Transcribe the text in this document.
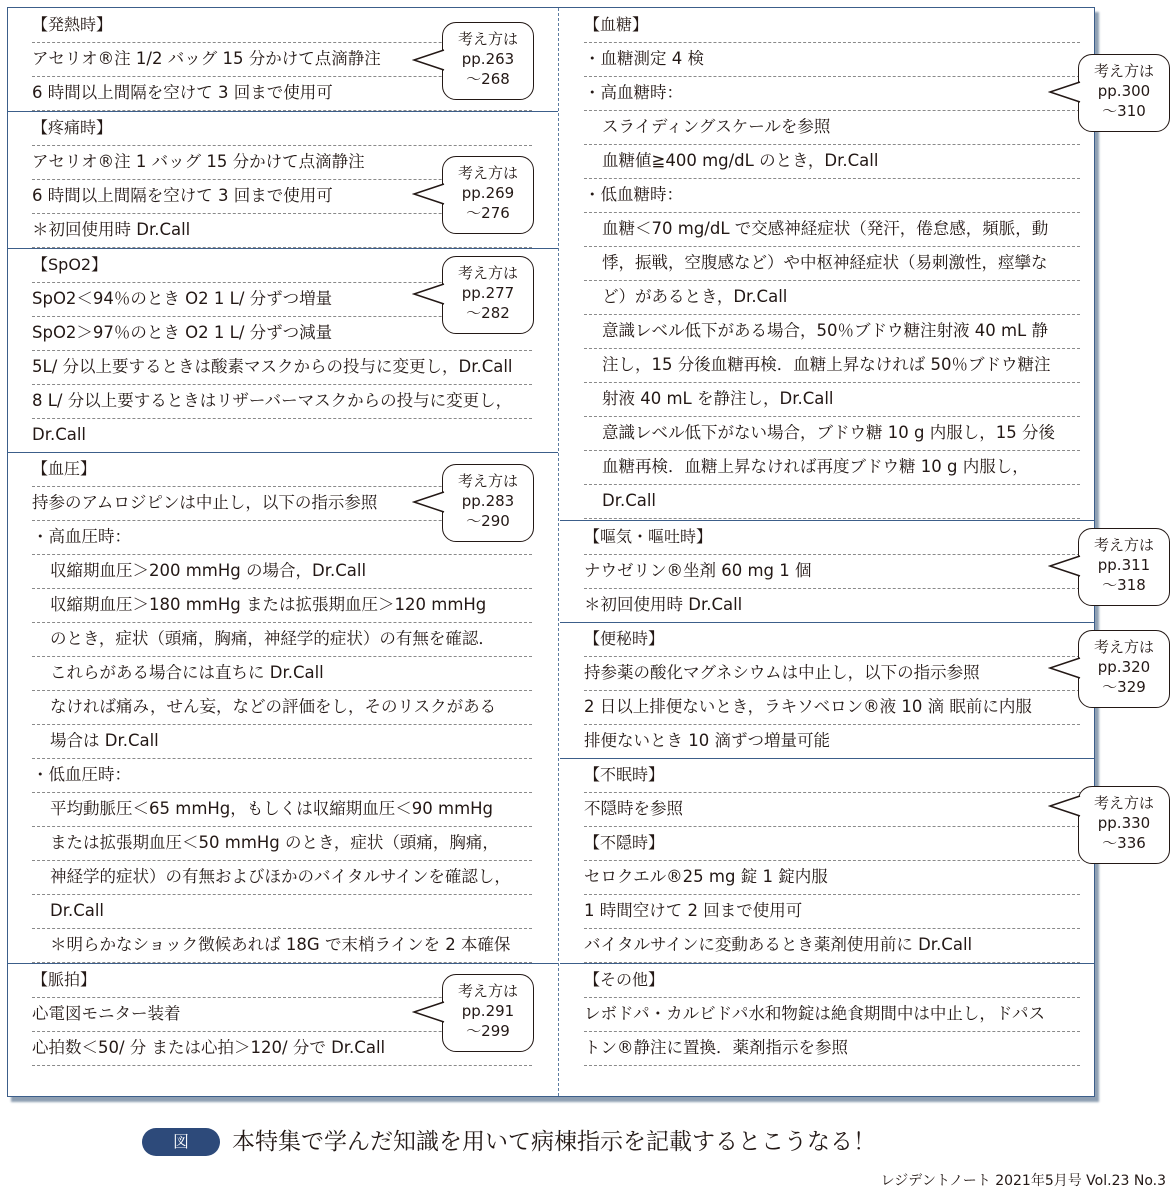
【発熱時】
アセリオ®注 1/2 バッグ 15 分かけて点滴静注
6 時間以上間隔を空けて 3 回まで使用可
【疼痛時】
アセリオ®注 1 バッグ 15 分かけて点滴静注
6 時間以上間隔を空けて 3 回まで使用可
＊初回使用時 Dr.Call
【SpO2】
SpO2＜94％のとき O2 1 L/ 分ずつ増量
SpO2＞97％のとき O2 1 L/ 分ずつ減量
5L/ 分以上要するときは酸素マスクからの投与に変更し，Dr.Call
8 L/ 分以上要するときはリザーバーマスクからの投与に変更し，
Dr.Call
【血圧】
持参のアムロジピンは中止し，以下の指示参照
・高血圧時：
収縮期血圧＞200 mmHg の場合，Dr.Call
収縮期血圧＞180 mmHg または拡張期血圧＞120 mmHg
のとき，症状（頭痛，胸痛，神経学的症状）の有無を確認．
これらがある場合には直ちに Dr.Call
なければ痛み，せん妄，などの評価をし，そのリスクがある
場合は Dr.Call
・低血圧時：
平均動脈圧＜65 mmHg，もしくは収縮期血圧＜90 mmHg
または拡張期血圧＜50 mmHg のとき，症状（頭痛，胸痛，
神経学的症状）の有無およびほかのバイタルサインを確認し，
Dr.Call
＊明らかなショック徴候あれば 18G で末梢ラインを 2 本確保
【脈拍】
心電図モニター装着
心拍数＜50/ 分 または心拍＞120/ 分で Dr.Call
考え方は
pp.263
～268
考え方は
pp.269
～276
考え方は
pp.277
～282
考え方は
pp.283
～290
考え方は
pp.291
～299
【血糖】
・血糖測定 4 検
・高血糖時：
スライディングスケールを参照
血糖値≧400 mg/dL のとき，Dr.Call
・低血糖時：
血糖＜70 mg/dL で交感神経症状（発汗，倦怠感，頻脈，動
悸，振戦，空腹感など）や中枢神経症状（易刺激性，痙攣な
ど）があるとき，Dr.Call
意識レベル低下がある場合，50％ブドウ糖注射液 40 mL 静
注し，15 分後血糖再検．血糖上昇なければ 50％ブドウ糖注
射液 40 mL を静注し，Dr.Call
意識レベル低下がない場合，ブドウ糖 10 g 内服し，15 分後
血糖再検．血糖上昇なければ再度ブドウ糖 10 g 内服し，
Dr.Call
【嘔気・嘔吐時】
ナウゼリン®坐剤 60 mg 1 個
＊初回使用時 Dr.Call
【便秘時】
持参薬の酸化マグネシウムは中止し，以下の指示参照
2 日以上排便ないとき，ラキソベロン®液 10 滴 眠前に内服
排便ないとき 10 滴ずつ増量可能
【不眠時】
不隠時を参照
【不隠時】
セロクエル®25 mg 錠 1 錠内服
1 時間空けて 2 回まで使用可
バイタルサインに変動あるとき薬剤使用前に Dr.Call
【その他】
レボドパ・カルビドパ水和物錠は絶食期間中は中止し，ドパス
トン®静注に置換．薬剤指示を参照
考え方は
pp.300
～310
考え方は
pp.311
～318
考え方は
pp.320
～329
考え方は
pp.330
～336
図	本特集で学んだ知識を用いて病棟指示を記載するとこうなる！
レジデントノート 2021年5月号 Vol.23 No.3
